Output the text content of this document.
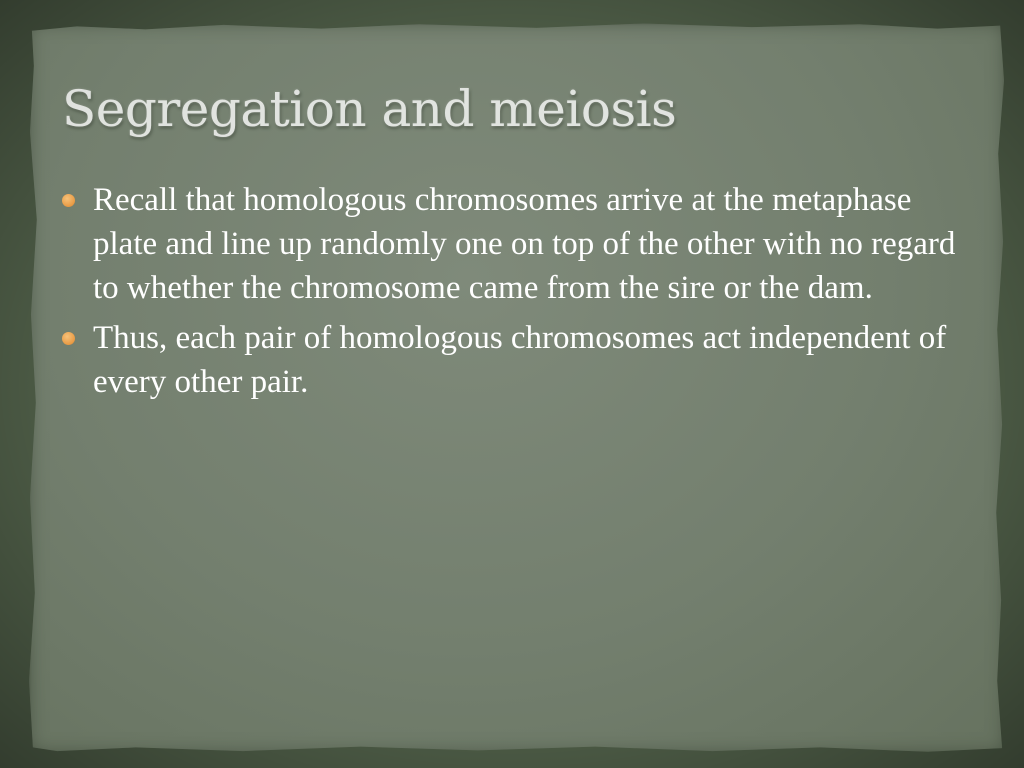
Segregation and meiosis
Recall that homologous chromosomes arrive at the metaphase plate and line up randomly one on top of the other with no regard to whether the chromosome came from the sire or the dam.
Thus, each pair of homologous chromosomes act independent of every other pair.
